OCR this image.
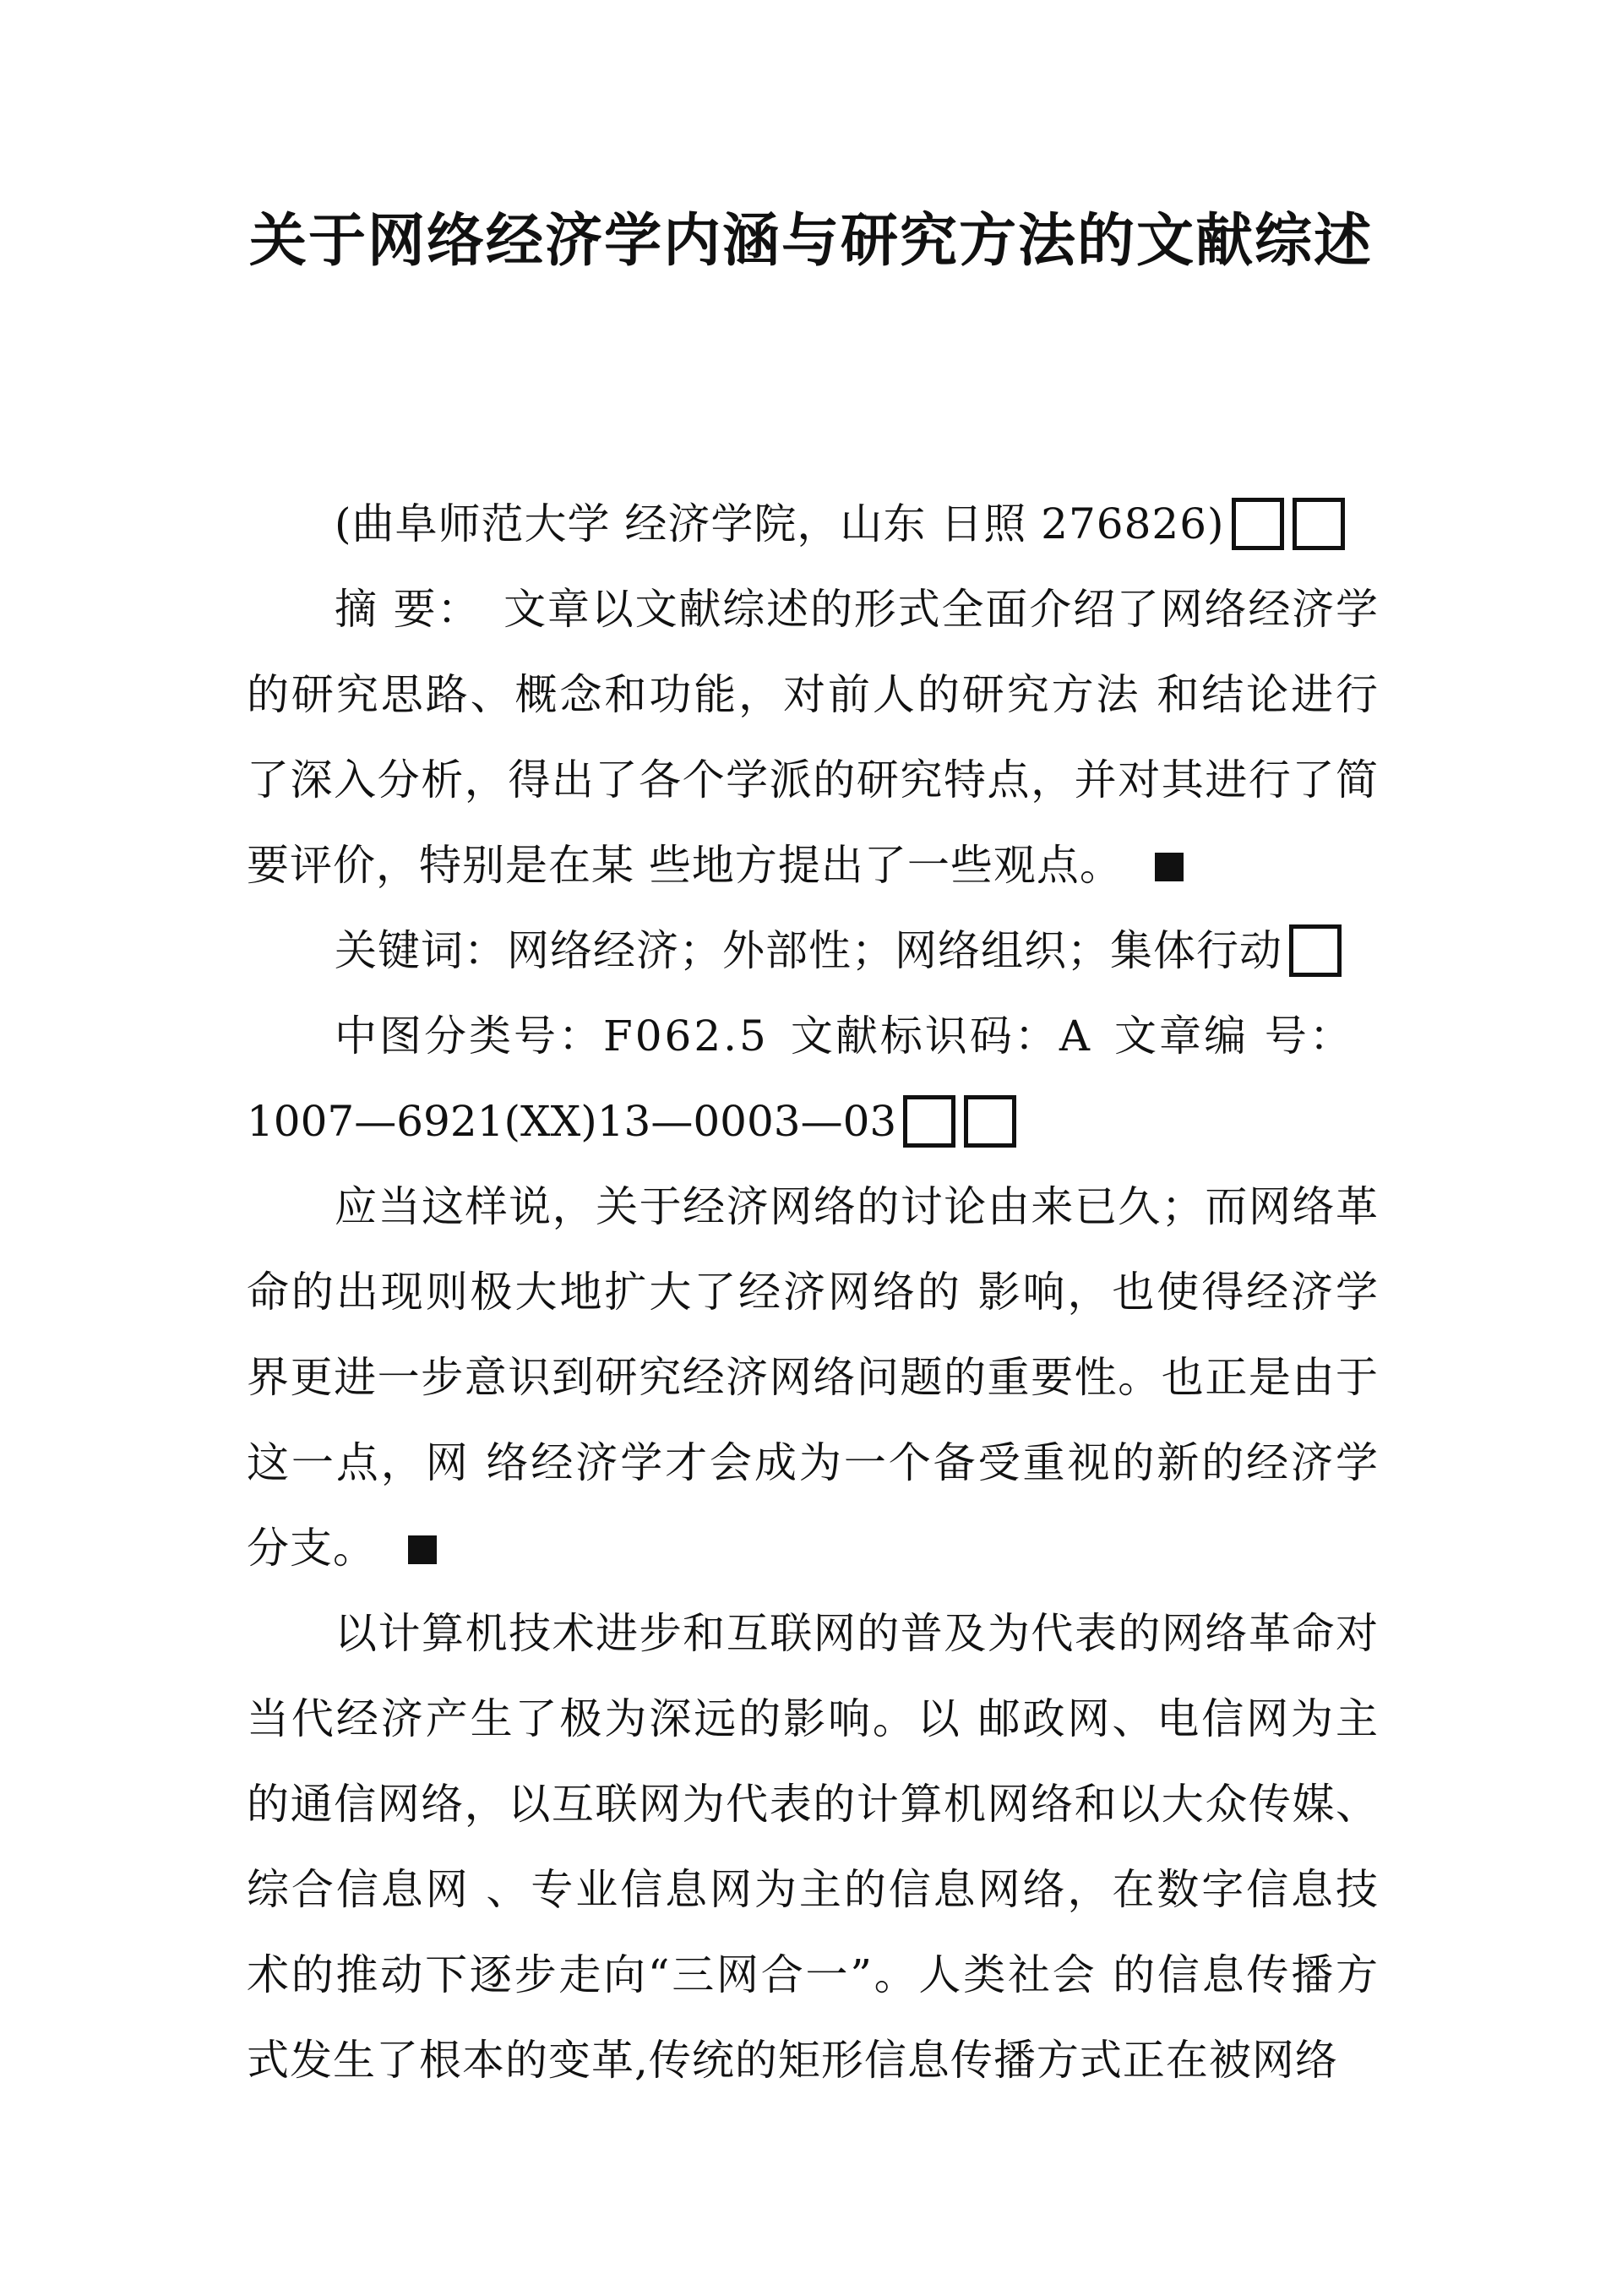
关于网络经济学内涵与研究方法的文献综述

(曲阜师范大学 经济学院，山东 日照 276826)

摘 要： 文章以文献综述的形式全面介绍了网络经济学的研究思路、概念和功能，对前人的研究方法 和结论进行了深入分析，得出了各个学派的研究特点，并对其进行了简要评价，特别是在某 些地方提出了一些观点。

关键词：网络经济；外部性；网络组织；集体行动

中图分类号：F062.5 文献标识码：A 文章编 号：
1007—6921(XX)13—0003—03

应当这样说，关于经济网络的讨论由来已久；而网络革命的出现则极大地扩大了经济网络的 影响，也使得经济学界更进一步意识到研究经济网络问题的重要性。也正是由于这一点，网 络经济学才会成为一个备受重视的新的经济学分支。

以计算机技术进步和互联网的普及为代表的网络革命对当代经济产生了极为深远的影响。以 邮政网、电信网为主的通信网络，以互联网为代表的计算机网络和以大众传媒、综合信息网 、专业信息网为主的信息网络，在数字信息技术的推动下逐步走向“三网合一”。人类社会 的信息传播方式发生了根本的变革,传统的矩形信息传播方式正在被网络
